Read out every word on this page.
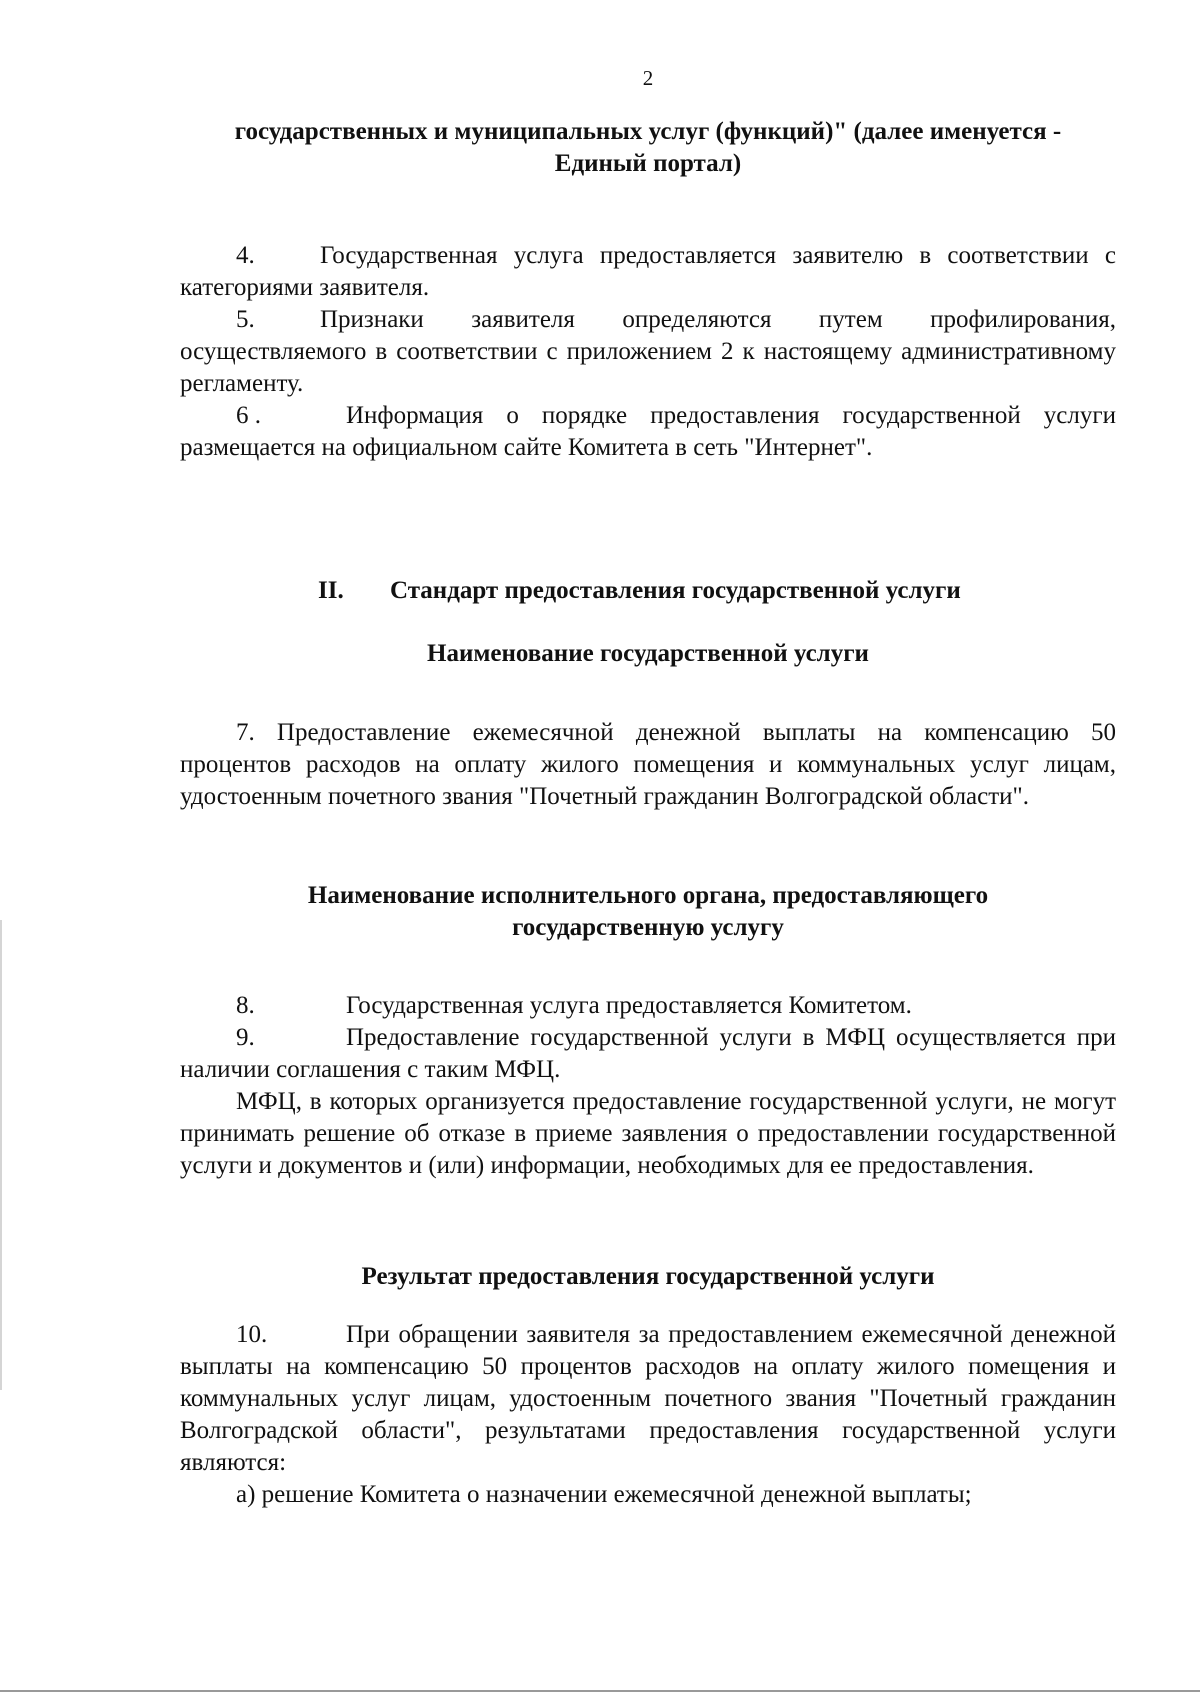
2
государственных и муниципальных услуг (функций)" (далее именуется -
Единый портал)
4.	Государственная услуга предоставляется заявителю в соответствии с категориями заявителя.
5.	Признаки заявителя определяются путем профилирования, осуществляемого в соответствии с приложением 2 к настоящему административному регламенту.
6 .	Информация о порядке предоставления государственной услуги размещается на официальном сайте Комитета в сеть "Интернет".
II. Стандарт предоставления государственной услуги
Наименование государственной услуги
7. Предоставление ежемесячной денежной выплаты на компенсацию 50 процентов расходов на оплату жилого помещения и коммунальных услуг лицам, удостоенным почетного звания "Почетный гражданин Волгоградской области".
Наименование исполнительного органа, предоставляющего
государственную услугу
8.	Государственная услуга предоставляется Комитетом.
9.	Предоставление государственной услуги в МФЦ осуществляется при наличии соглашения с таким МФЦ.
МФЦ, в которых организуется предоставление государственной услуги, не могут принимать решение об отказе в приеме заявления о предоставлении государственной услуги и документов и (или) информации, необходимых для ее предоставления.
Результат предоставления государственной услуги
10.	При обращении заявителя за предоставлением ежемесячной денежной выплаты на компенсацию 50 процентов расходов на оплату жилого помещения и коммунальных услуг лицам, удостоенным почетного звания "Почетный гражданин Волгоградской области", результатами предоставления государственной услуги являются:
а) решение Комитета о назначении ежемесячной денежной выплаты;
